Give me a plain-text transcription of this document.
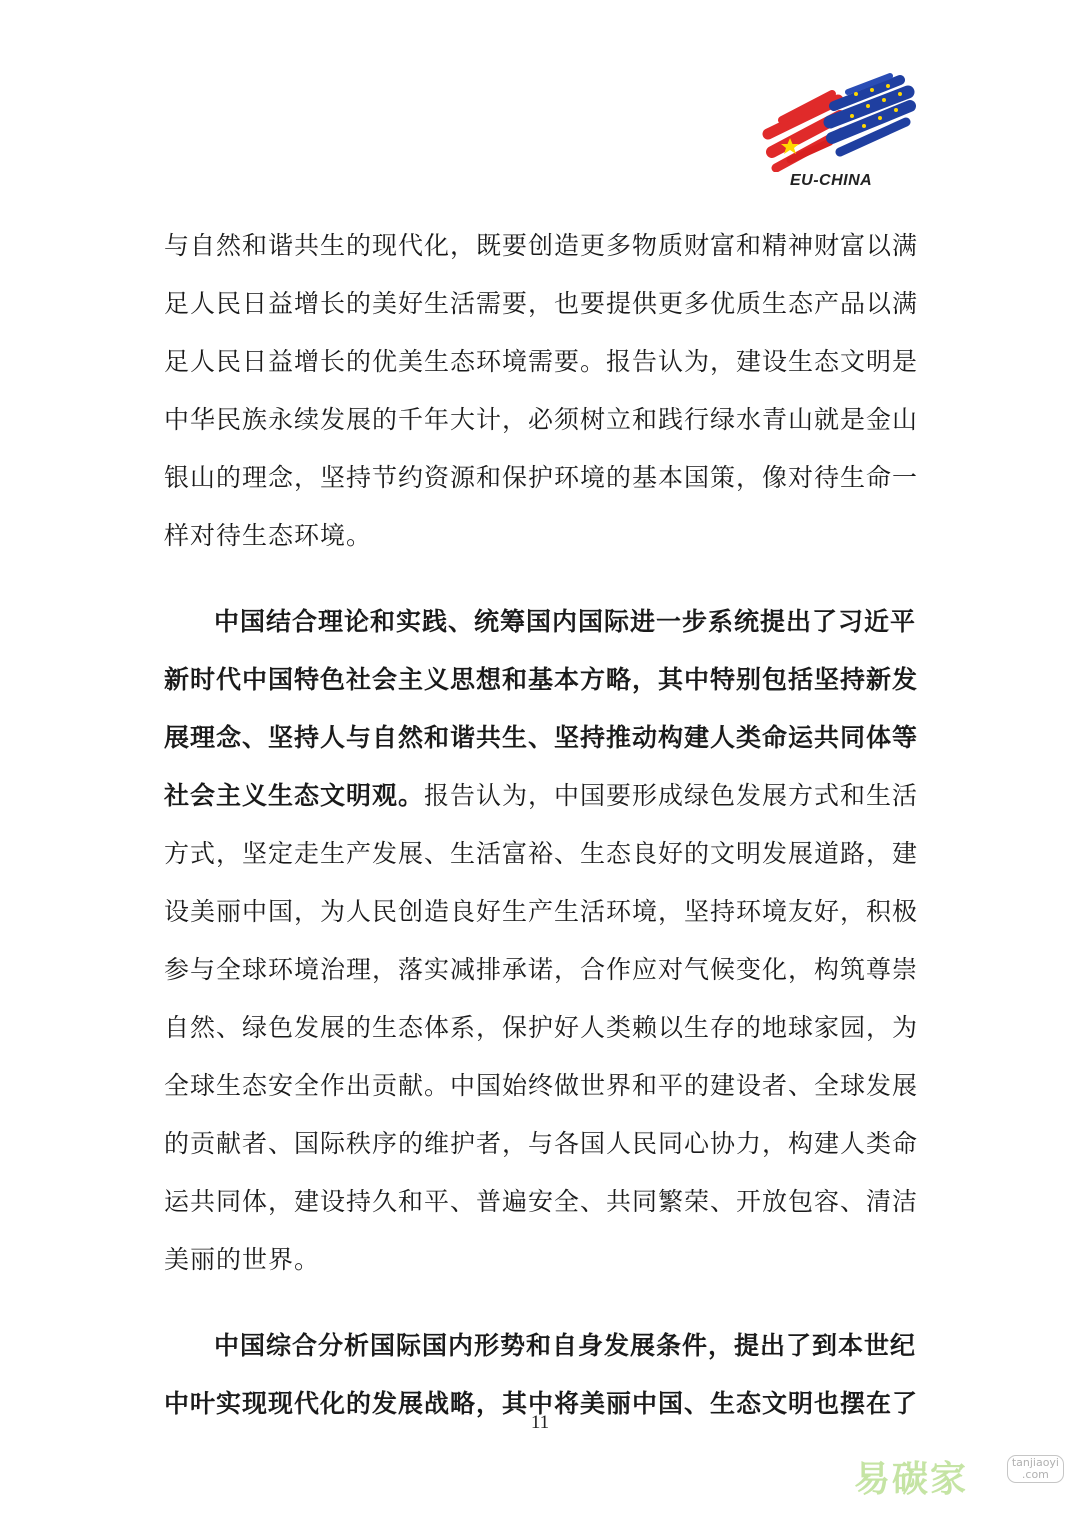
EU-CHINA
与自然和谐共生的现代化，既要创造更多物质财富和精神财富以满
足人民日益增长的美好生活需要，也要提供更多优质生态产品以满
足人民日益增长的优美生态环境需要。报告认为，建设生态文明是
中华民族永续发展的千年大计，必须树立和践行绿水青山就是金山
银山的理念，坚持节约资源和保护环境的基本国策，像对待生命一
样对待生态环境。
中国结合理论和实践、统筹国内国际进一步系统提出了习近平
新时代中国特色社会主义思想和基本方略，其中特别包括坚持新发
展理念、坚持人与自然和谐共生、坚持推动构建人类命运共同体等
社会主义生态文明观。报告认为，中国要形成绿色发展方式和生活
方式，坚定走生产发展、生活富裕、生态良好的文明发展道路，建
设美丽中国，为人民创造良好生产生活环境，坚持环境友好，积极
参与全球环境治理，落实减排承诺，合作应对气候变化，构筑尊崇
自然、绿色发展的生态体系，保护好人类赖以生存的地球家园，为
全球生态安全作出贡献。中国始终做世界和平的建设者、全球发展
的贡献者、国际秩序的维护者，与各国人民同心协力，构建人类命
运共同体，建设持久和平、普遍安全、共同繁荣、开放包容、清洁
美丽的世界。
中国综合分析国际国内形势和自身发展条件，提出了到本世纪
中叶实现现代化的发展战略，其中将美丽中国、生态文明也摆在了
11
易碳家	tanjiaoyi
.com
